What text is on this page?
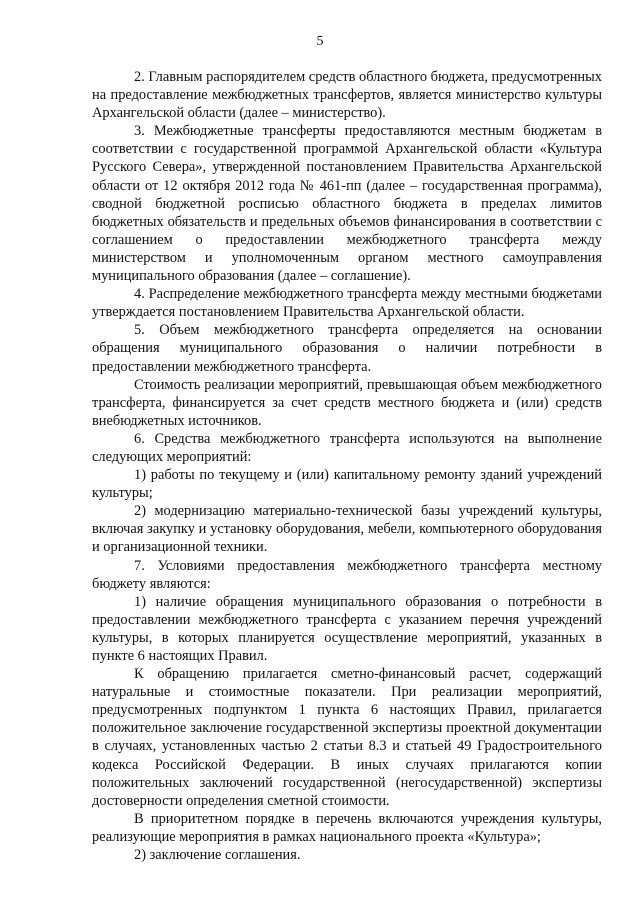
5

2. Главным распорядителем средств областного бюджета, предусмотренных на предоставление межбюджетных трансфертов, является министерство культуры Архангельской области (далее – министерство).

3. Межбюджетные трансферты предоставляются местным бюджетам в соответствии с государственной программой Архангельской области «Культура Русского Севера», утвержденной постановлением Правительства Архангельской области от 12 октября 2012 года № 461-пп (далее – государственная программа), сводной бюджетной росписью областного бюджета в пределах лимитов бюджетных обязательств и предельных объемов финансирования в соответствии с соглашением о предоставлении межбюджетного трансферта между министерством и уполномоченным органом местного самоуправления муниципального образования (далее – соглашение).

4. Распределение межбюджетного трансферта между местными бюджетами утверждается постановлением Правительства Архангельской области.

5. Объем межбюджетного трансферта определяется на основании обращения муниципального образования о наличии потребности в предоставлении межбюджетного трансферта.

Стоимость реализации мероприятий, превышающая объем межбюджетного трансферта, финансируется за счет средств местного бюджета и (или) средств внебюджетных источников.

6. Средства межбюджетного трансферта используются на выполнение следующих мероприятий:

1) работы по текущему и (или) капитальному ремонту зданий учреждений культуры;

2) модернизацию материально-технической базы учреждений культуры, включая закупку и установку оборудования, мебели, компьютерного оборудования и организационной техники.

7. Условиями предоставления межбюджетного трансферта местному бюджету являются:

1) наличие обращения муниципального образования о потребности в предоставлении межбюджетного трансферта с указанием перечня учреждений культуры, в которых планируется осуществление мероприятий, указанных в пункте 6 настоящих Правил.

К обращению прилагается сметно-финансовый расчет, содержащий натуральные и стоимостные показатели. При реализации мероприятий, предусмотренных подпунктом 1 пункта 6 настоящих Правил, прилагается положительное заключение государственной экспертизы проектной документации в случаях, установленных частью 2 статьи 8.3 и статьей 49 Градостроительного кодекса Российской Федерации. В иных случаях прилагаются копии положительных заключений государственной (негосударственной) экспертизы достоверности определения сметной стоимости.

В приоритетном порядке в перечень включаются учреждения культуры, реализующие мероприятия в рамках национального проекта «Культура»;

2) заключение соглашения.
